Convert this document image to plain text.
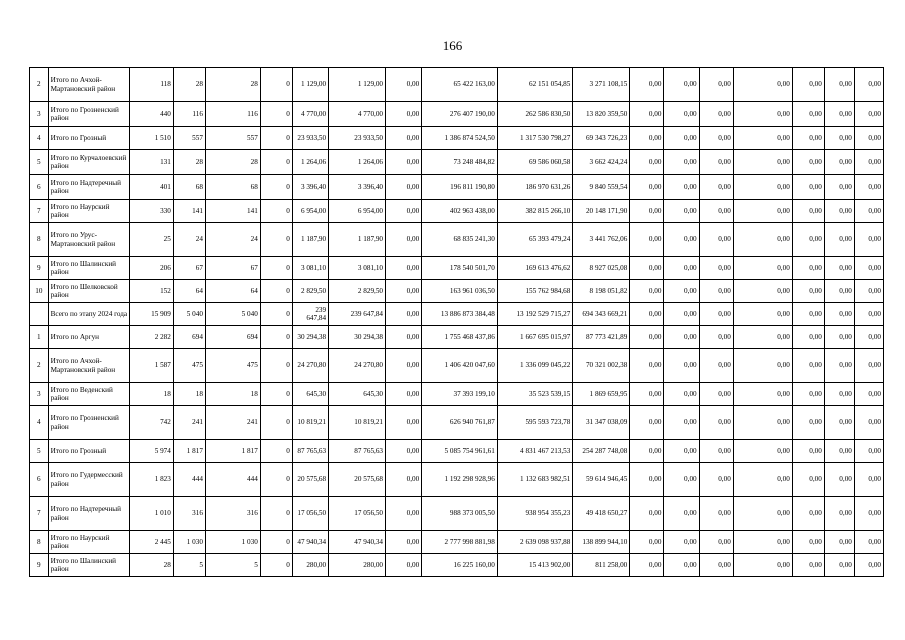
166
2	Итого по Ачхой-Мартановский район	118	28	28	0	1 129,00	1 129,00	0,00	65 422 163,00	62 151 054,85	3 271 108,15	0,00	0,00	0,00	0,00	0,00	0,00	0,00
3	Итого по Грозненский район	440	116	116	0	4 770,00	4 770,00	0,00	276 407 190,00	262 586 830,50	13 820 359,50	0,00	0,00	0,00	0,00	0,00	0,00	0,00
4	Итого по Грозный	1 510	557	557	0	23 933,50	23 933,50	0,00	1 386 874 524,50	1 317 530 798,27	69 343 726,23	0,00	0,00	0,00	0,00	0,00	0,00	0,00
5	Итого по Курчалоевский район	131	28	28	0	1 264,06	1 264,06	0,00	73 248 484,82	69 586 060,58	3 662 424,24	0,00	0,00	0,00	0,00	0,00	0,00	0,00
6	Итого по Надтеречный район	401	68	68	0	3 396,40	3 396,40	0,00	196 811 190,80	186 970 631,26	9 840 559,54	0,00	0,00	0,00	0,00	0,00	0,00	0,00
7	Итого по Наурский район	330	141	141	0	6 954,00	6 954,00	0,00	402 963 438,00	382 815 266,10	20 148 171,90	0,00	0,00	0,00	0,00	0,00	0,00	0,00
8	Итого по Урус-Мартановский район	25	24	24	0	1 187,90	1 187,90	0,00	68 835 241,30	65 393 479,24	3 441 762,06	0,00	0,00	0,00	0,00	0,00	0,00	0,00
9	Итого по Шалинский район	206	67	67	0	3 081,10	3 081,10	0,00	178 540 501,70	169 613 476,62	8 927 025,08	0,00	0,00	0,00	0,00	0,00	0,00	0,00
10	Итого по Шелковской район	152	64	64	0	2 829,50	2 829,50	0,00	163 961 036,50	155 762 984,68	8 198 051,82	0,00	0,00	0,00	0,00	0,00	0,00	0,00
	Всего по этапу 2024 года	15 909	5 040	5 040	0	239 647,84	239 647,84	0,00	13 886 873 384,48	13 192 529 715,27	694 343 669,21	0,00	0,00	0,00	0,00	0,00	0,00	0,00
1	Итого по Аргун	2 282	694	694	0	30 294,38	30 294,38	0,00	1 755 468 437,86	1 667 695 015,97	87 773 421,89	0,00	0,00	0,00	0,00	0,00	0,00	0,00
2	Итого по Ачхой-Мартановский район	1 587	475	475	0	24 270,80	24 270,80	0,00	1 406 420 047,60	1 336 099 045,22	70 321 002,38	0,00	0,00	0,00	0,00	0,00	0,00	0,00
3	Итого по Веденский район	18	18	18	0	645,30	645,30	0,00	37 393 199,10	35 523 539,15	1 869 659,95	0,00	0,00	0,00	0,00	0,00	0,00	0,00
4	Итого по Грозненский район	742	241	241	0	10 819,21	10 819,21	0,00	626 940 761,87	595 593 723,78	31 347 038,09	0,00	0,00	0,00	0,00	0,00	0,00	0,00
5	Итого по Грозный	5 974	1 817	1 817	0	87 765,63	87 765,63	0,00	5 085 754 961,61	4 831 467 213,53	254 287 748,08	0,00	0,00	0,00	0,00	0,00	0,00	0,00
6	Итого по Гудермесский район	1 823	444	444	0	20 575,68	20 575,68	0,00	1 192 298 928,96	1 132 683 982,51	59 614 946,45	0,00	0,00	0,00	0,00	0,00	0,00	0,00
7	Итого по Надтеречный район	1 010	316	316	0	17 056,50	17 056,50	0,00	988 373 005,50	938 954 355,23	49 418 650,27	0,00	0,00	0,00	0,00	0,00	0,00	0,00
8	Итого по Наурский район	2 445	1 030	1 030	0	47 940,34	47 940,34	0,00	2 777 998 881,98	2 639 098 937,88	138 899 944,10	0,00	0,00	0,00	0,00	0,00	0,00	0,00
9	Итого по Шалинский район	28	5	5	0	280,00	280,00	0,00	16 225 160,00	15 413 902,00	811 258,00	0,00	0,00	0,00	0,00	0,00	0,00	0,00
